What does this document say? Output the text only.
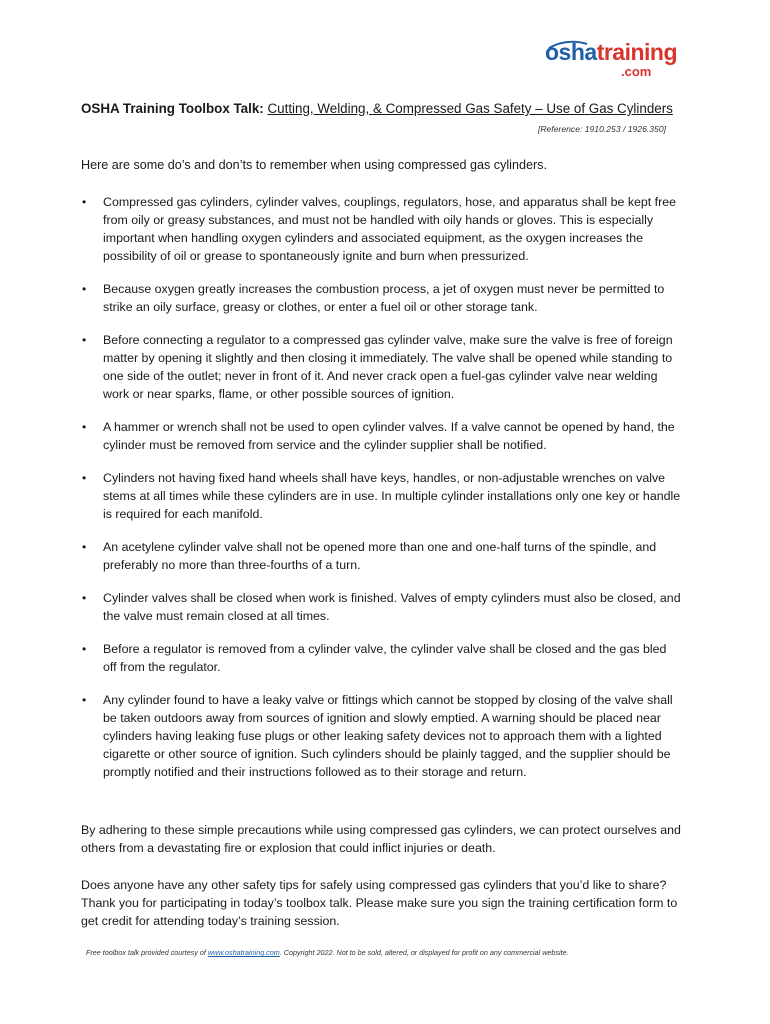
oshatraining
.com
OSHA Training Toolbox Talk: Cutting, Welding, & Compressed Gas Safety – Use of Gas Cylinders
[Reference: 1910.253 / 1926.350]
Here are some do’s and don’ts to remember when using compressed gas cylinders.
• Compressed gas cylinders, cylinder valves, couplings, regulators, hose, and apparatus shall be kept free from oily or greasy substances, and must not be handled with oily hands or gloves. This is especially important when handling oxygen cylinders and associated equipment, as the oxygen increases the possibility of oil or grease to spontaneously ignite and burn when pressurized.
• Because oxygen greatly increases the combustion process, a jet of oxygen must never be permitted to strike an oily surface, greasy or clothes, or enter a fuel oil or other storage tank.
• Before connecting a regulator to a compressed gas cylinder valve, make sure the valve is free of foreign matter by opening it slightly and then closing it immediately. The valve shall be opened while standing to one side of the outlet; never in front of it. And never crack open a fuel-gas cylinder valve near welding work or near sparks, flame, or other possible sources of ignition.
• A hammer or wrench shall not be used to open cylinder valves. If a valve cannot be opened by hand, the cylinder must be removed from service and the cylinder supplier shall be notified.
• Cylinders not having fixed hand wheels shall have keys, handles, or non-adjustable wrenches on valve stems at all times while these cylinders are in use. In multiple cylinder installations only one key or handle is required for each manifold.
• An acetylene cylinder valve shall not be opened more than one and one-half turns of the spindle, and preferably no more than three-fourths of a turn.
• Cylinder valves shall be closed when work is finished. Valves of empty cylinders must also be closed, and the valve must remain closed at all times.
• Before a regulator is removed from a cylinder valve, the cylinder valve shall be closed and the gas bled off from the regulator.
• Any cylinder found to have a leaky valve or fittings which cannot be stopped by closing of the valve shall be taken outdoors away from sources of ignition and slowly emptied. A warning should be placed near cylinders having leaking fuse plugs or other leaking safety devices not to approach them with a lighted cigarette or other source of ignition. Such cylinders should be plainly tagged, and the supplier should be promptly notified and their instructions followed as to their storage and return.
By adhering to these simple precautions while using compressed gas cylinders, we can protect ourselves and others from a devastating fire or explosion that could inflict injuries or death.
Does anyone have any other safety tips for safely using compressed gas cylinders that you’d like to share? Thank you for participating in today’s toolbox talk. Please make sure you sign the training certification form to get credit for attending today’s training session.
Free toolbox talk provided courtesy of www.oshatraining.com. Copyright 2022. Not to be sold, altered, or displayed for profit on any commercial website.
